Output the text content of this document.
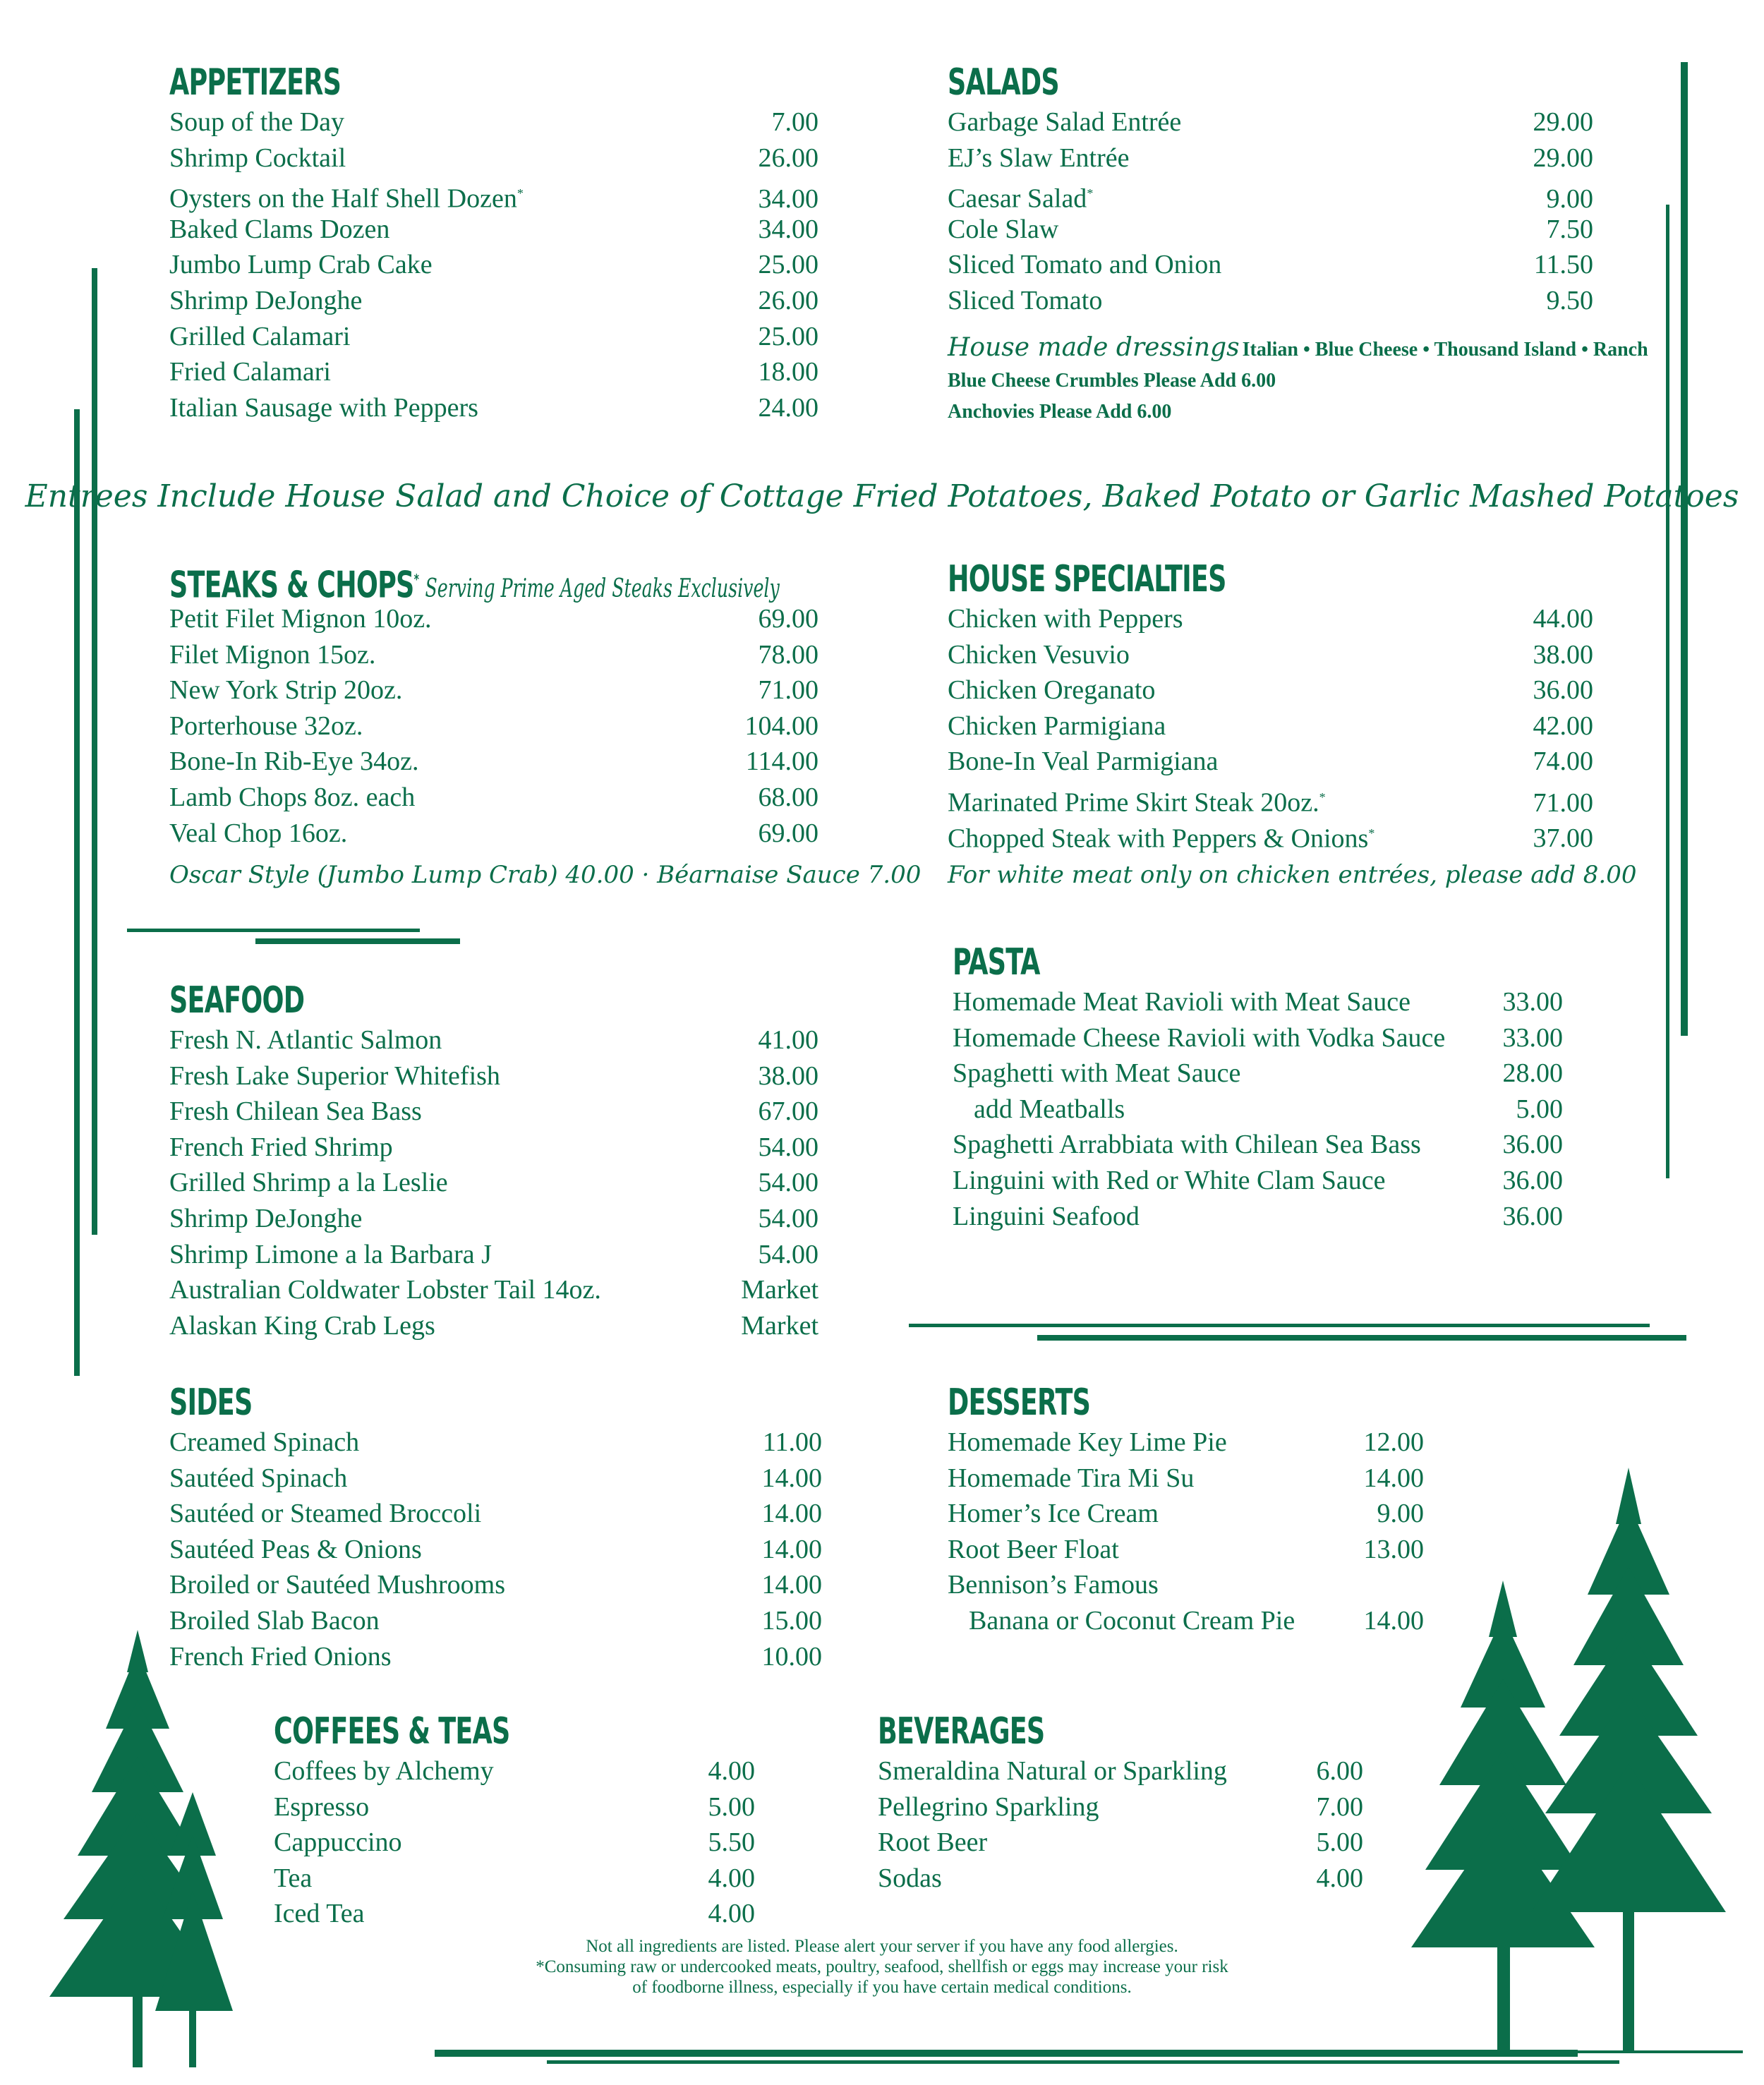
APPETIZERS
Soup of the Day	7.00
Shrimp Cocktail	26.00
Oysters on the Half Shell Dozen*	34.00
Baked Clams Dozen	34.00
Jumbo Lump Crab Cake	25.00
Shrimp DeJonghe	26.00
Grilled Calamari	25.00
Fried Calamari	18.00
Italian Sausage with Peppers	24.00
SALADS
Garbage Salad Entrée	29.00
EJ’s Slaw Entrée	29.00
Caesar Salad*	9.00
Cole Slaw	7.50
Sliced Tomato and Onion	11.50
Sliced Tomato	9.50
House made dressings Italian • Blue Cheese • Thousand Island • Ranch
Blue Cheese Crumbles Please Add 6.00
Anchovies Please Add 6.00
Entrees Include House Salad and Choice of Cottage Fried Potatoes, Baked Potato or Garlic Mashed Potatoes
STEAKS & CHOPS* Serving Prime Aged Steaks Exclusively
Petit Filet Mignon 10oz.	69.00
Filet Mignon 15oz.	78.00
New York Strip 20oz.	71.00
Porterhouse 32oz.	104.00
Bone-In Rib-Eye 34oz.	114.00
Lamb Chops 8oz. each	68.00
Veal Chop 16oz.	69.00
Oscar Style (Jumbo Lump Crab) 40.00 · Béarnaise Sauce 7.00
HOUSE SPECIALTIES
Chicken with Peppers	44.00
Chicken Vesuvio	38.00
Chicken Oreganato	36.00
Chicken Parmigiana	42.00
Bone-In Veal Parmigiana	74.00
Marinated Prime Skirt Steak 20oz.*	71.00
Chopped Steak with Peppers & Onions*	37.00
For white meat only on chicken entrées, please add 8.00
SEAFOOD
Fresh N. Atlantic Salmon	41.00
Fresh Lake Superior Whitefish	38.00
Fresh Chilean Sea Bass	67.00
French Fried Shrimp	54.00
Grilled Shrimp a la Leslie	54.00
Shrimp DeJonghe	54.00
Shrimp Limone a la Barbara J	54.00
Australian Coldwater Lobster Tail 14oz.	Market
Alaskan King Crab Legs	Market
PASTA
Homemade Meat Ravioli with Meat Sauce	33.00
Homemade Cheese Ravioli with Vodka Sauce 33.00
Spaghetti with Meat Sauce	28.00
add Meatballs	5.00
Spaghetti Arrabbiata with Chilean Sea Bass	36.00
Linguini with Red or White Clam Sauce	36.00
Linguini Seafood	36.00
SIDES
Creamed Spinach	11.00
Sautéed Spinach	14.00
Sautéed or Steamed Broccoli	14.00
Sautéed Peas & Onions	14.00
Broiled or Sautéed Mushrooms	14.00
Broiled Slab Bacon	15.00
French Fried Onions	10.00
DESSERTS
Homemade Key Lime Pie	12.00
Homemade Tira Mi Su	14.00
Homer’s Ice Cream	9.00
Root Beer Float	13.00
Bennison’s Famous
Banana or Coconut Cream Pie	14.00
COFFEES & TEAS
Coffees by Alchemy	4.00
Espresso	5.00
Cappuccino	5.50
Tea	4.00
Iced Tea	4.00
BEVERAGES
Smeraldina Natural or Sparkling	6.00
Pellegrino Sparkling	7.00
Root Beer	5.00
Sodas	4.00
Not all ingredients are listed. Please alert your server if you have any food allergies.
*Consuming raw or undercooked meats, poultry, seafood, shellfish or eggs may increase your risk
of foodborne illness, especially if you have certain medical conditions.
